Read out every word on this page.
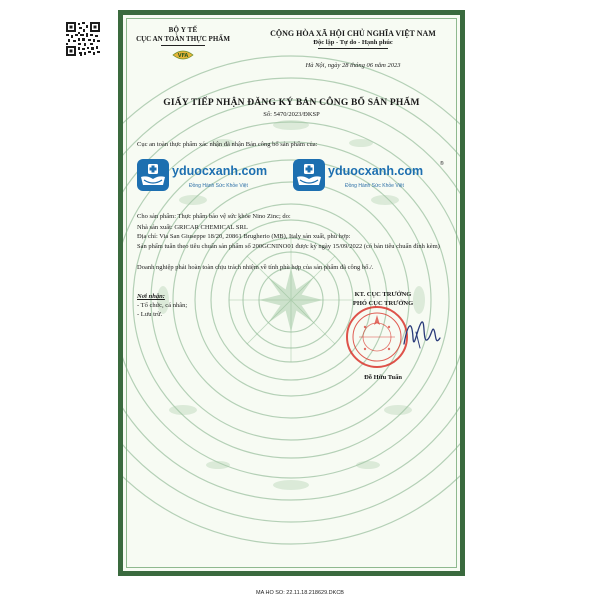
BỘ Y TẾ
CỤC AN TOÀN THỰC PHẨM
VFA
CỘNG HÒA XÃ HỘI CHỦ NGHĨA VIỆT NAM
Độc lập - Tự do - Hạnh phúc
Hà Nội, ngày 28 tháng 06 năm 2023
GIẤY TIẾP NHẬN ĐĂNG KÝ BẢN CÔNG BỐ SẢN PHẨM
Số: 5470/2023/ĐKSP
Cục an toàn thực phẩm xác nhận đã nhận Bản công bố sản phẩm của:
yduocxanh.com
Đồng Hành Sức Khỏe Việt
yduocxanh.com
Đồng Hành Sức Khỏe Việt
®
Cho sản phẩm: Thực phẩm bảo vệ sức khỏe Nino Zinc; do:
Nhà sản xuất: GRICAR CHEMICAL SRL
Địa chỉ: Via San Giuseppe 18/20, 20861 Brugherio (MB), Italy sản xuất, phù hợp:
Sản phẩm tuân theo tiêu chuẩn sản phẩm số 200GCNINO01 được ký ngày 15/09/2022 (có bản tiêu chuẩn đính kèm)
Doanh nghiệp phải hoàn toàn chịu trách nhiệm về tính phù hợp của sản phẩm đã công bố./.
Nơi nhận:
- Tổ chức, cá nhân;
- Lưu trữ.
KT. CỤC TRƯỞNG
PHÓ CỤC TRƯỞNG
Đỗ Hữu Tuấn
MA HO SO: 22.11.18.218629.DKCB
